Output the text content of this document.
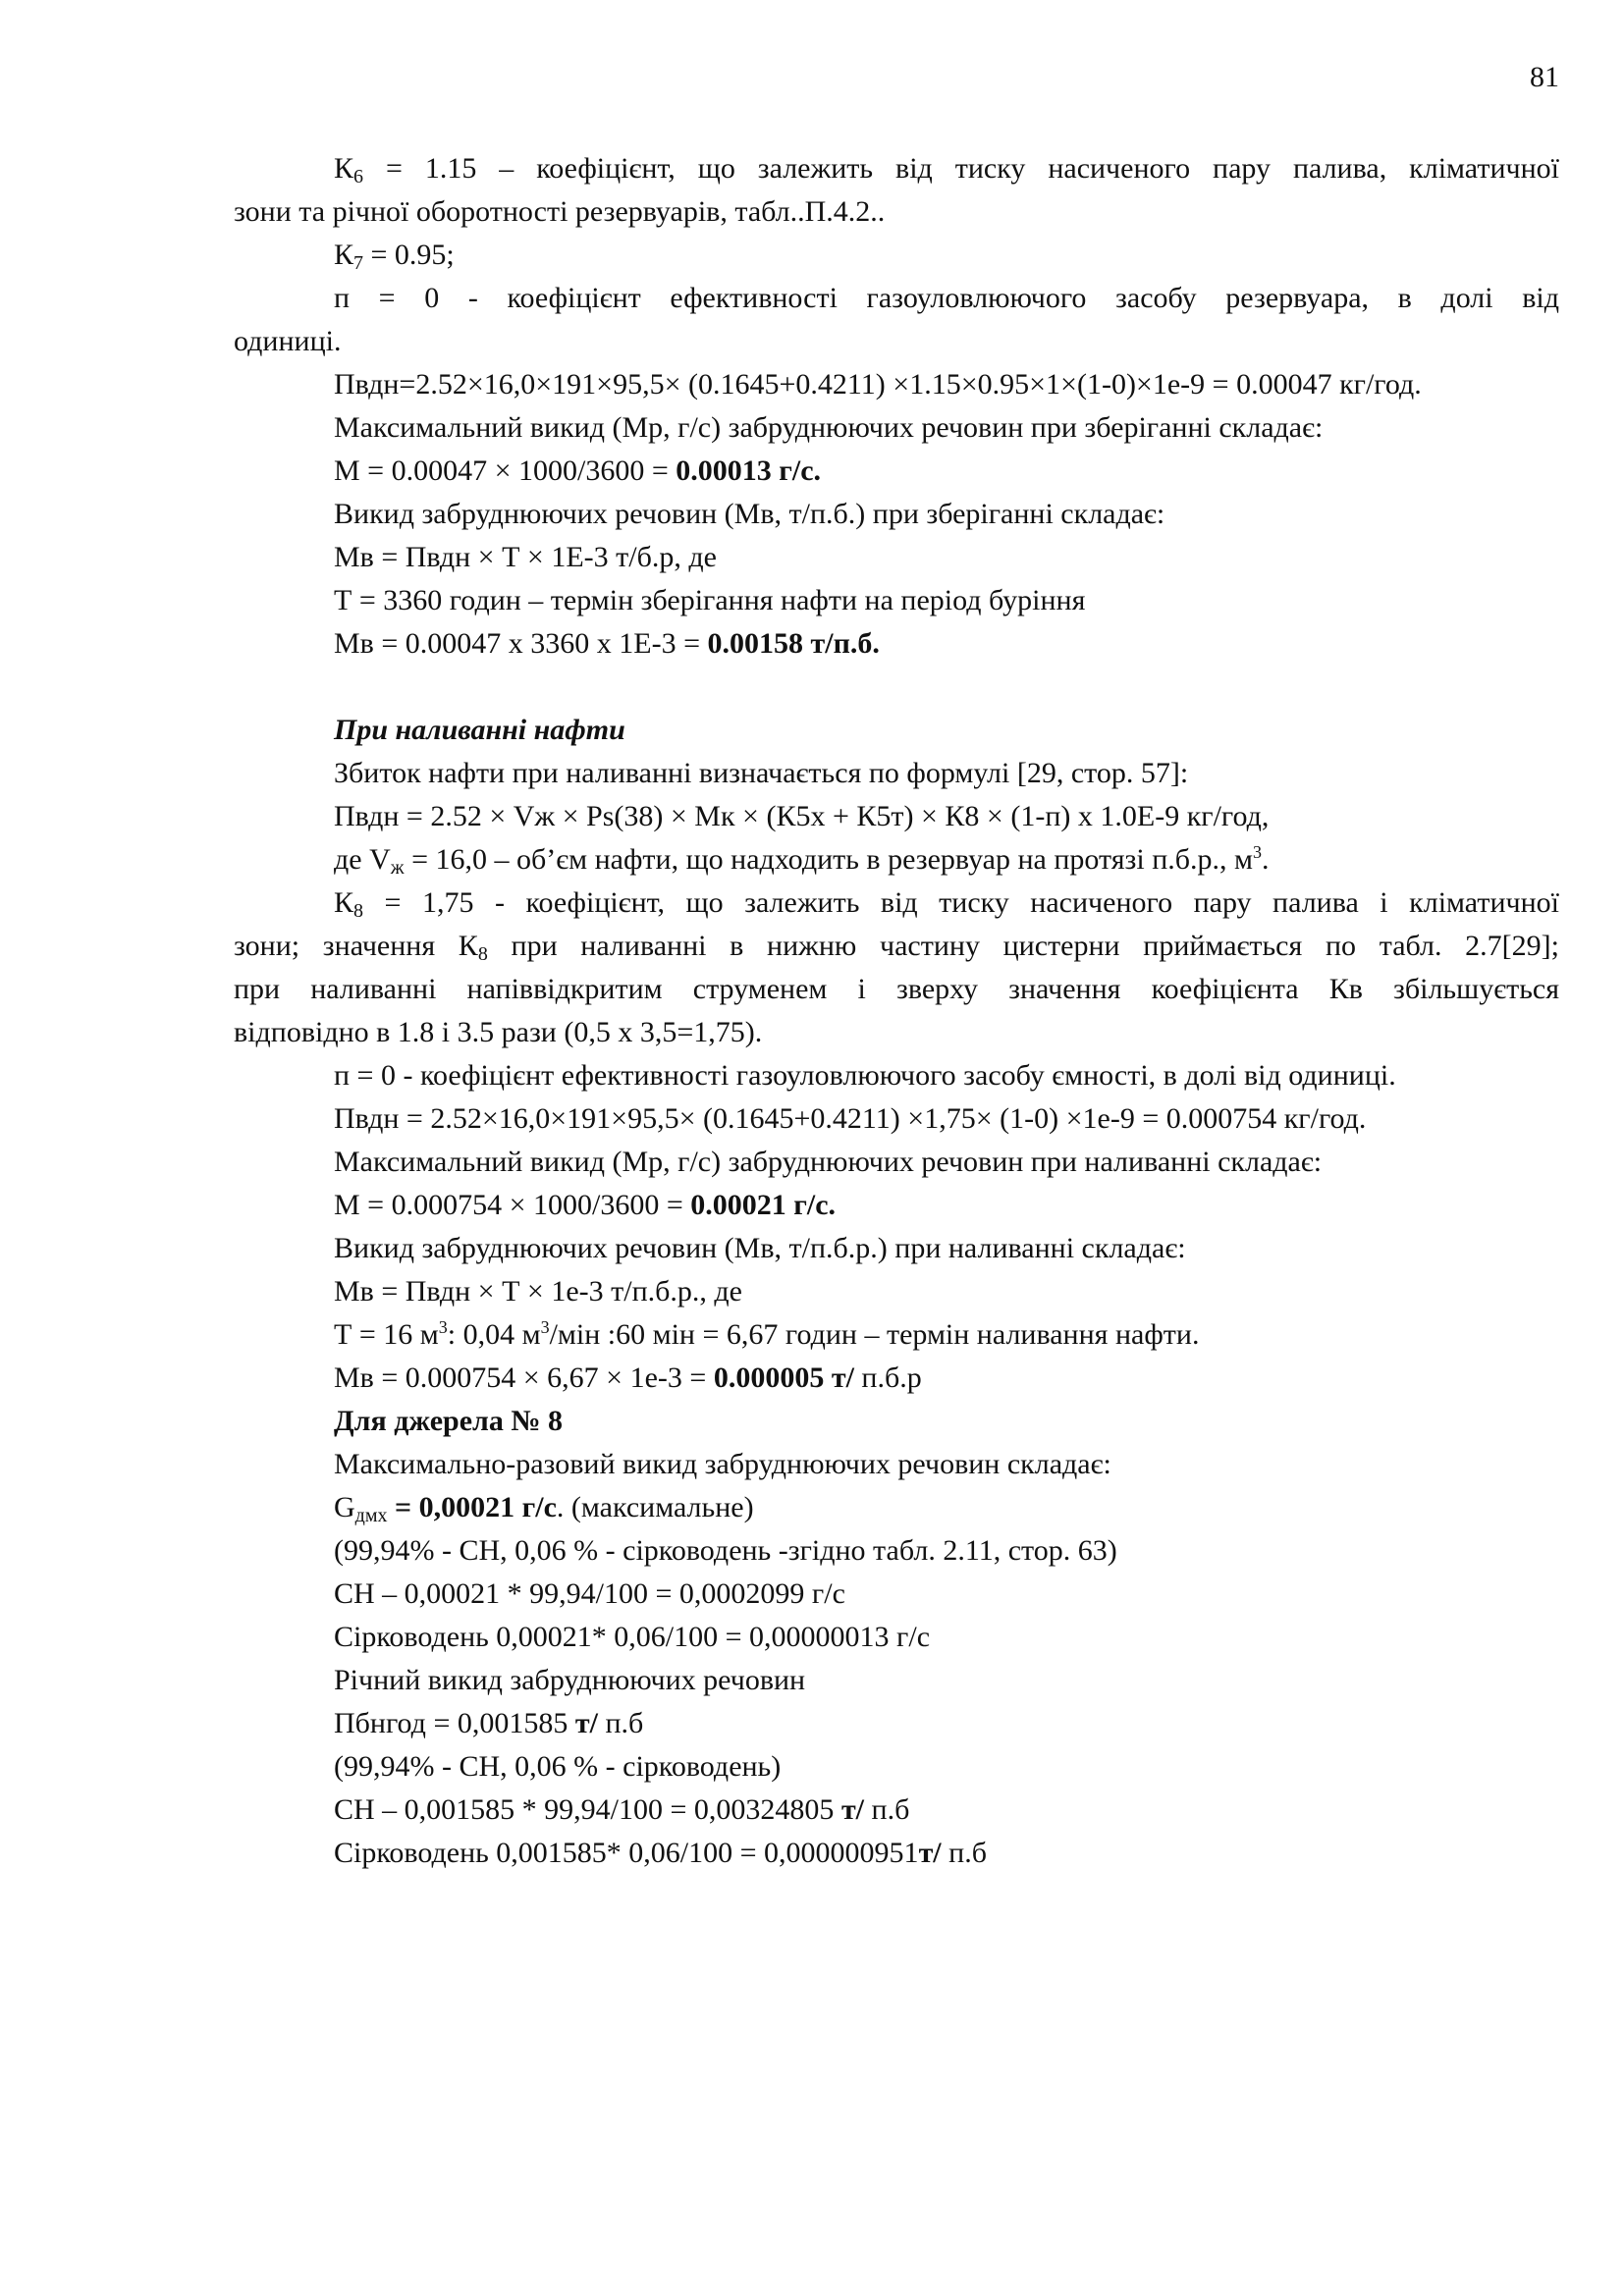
81

$К_6 = 1.15$ – коефіцієнт, що залежить від тиску насиченого пару палива, кліматичної

зони та річної оборотності резервуарів, табл..П.4.2..

$К_7 = 0.95$;

п = 0 - коефіцієнт ефективності газоуловлюючого засобу резервуара, в долі від

одиниці.

Пвдн=2.52×16,0×191×95,5× (0.1645+0.4211) ×1.15×0.95×1×(1-0)×1е-9 = 0.00047 кг/год.

Максимальний викид (Мр, г/с) забруднюючих речовин при зберіганні складає:

М = 0.00047 × 1000/3600 = 0.00013 г/с.

Викид забруднюючих речовин (Мв, т/п.б.) при зберіганні складає:

Мв = Пвдн × Т × 1Е-3 т/б.р, де

Т = 3360 годин – термін зберігання нафти на період буріння

Мв = 0.00047 х 3360 х 1Е-3 = 0.00158 т/п.б.

При наливанні нафти

Збиток нафти при наливанні визначається по формулі [29, стор. 57]:

Пвдн = 2.52 × Vж × Ps(38) × Мк × (К5х + К5т) × К8 × (1-п) х 1.0Е-9 кг/год,

де $V_ж = 16,0$ – об’єм нафти, що надходить в резервуар на протязі п.б.р., $м^3$.

$К_8 = 1,75$ - коефіцієнт, що залежить від тиску насиченого пару палива і кліматичної

зони; значення $К_8$ при наливанні в нижню частину цистерни приймається по табл. 2.7[29];

при наливанні напіввідкритим струменем і зверху значення коефіцієнта Кв збільшується

відповідно в 1.8 і 3.5 рази (0,5 х 3,5=1,75).

п = 0 - коефіцієнт ефективності газоуловлюючого засобу ємності, в долі від одиниці.

Пвдн = 2.52×16,0×191×95,5× (0.1645+0.4211) ×1,75× (1-0) ×1е-9 = 0.000754 кг/год.

Максимальний викид (Мр, г/с) забруднюючих речовин при наливанні складає:

М = 0.000754 × 1000/3600 = 0.00021 г/с.

Викид забруднюючих речовин (Мв, т/п.б.р.) при наливанні складає:

Мв = Пвдн × Т × 1е-3 т/п.б.р., де

Т = 16 $м^3$: 0,04 $м^3$/мін :60 мін = 6,67 годин – термін наливання нафти.

Мв = 0.000754 × 6,67 × 1е-3 = 0.000005 т/ п.б.р

Для джерела № 8

Максимально-разовий викид забруднюючих речовин складає:

$G_{дмх} = 0,00021$ г/с. (максимальне)

(99,94% - СН, 0,06 % - сірководень -згідно табл. 2.11, стор. 63)

СН – 0,00021 * 99,94/100 = 0,0002099 г/с

Сірководень 0,00021* 0,06/100 = 0,00000013 г/с

Річний викид забруднюючих речовин

Пбнгод = 0,001585 т/ п.б

(99,94% - СН, 0,06 % - сірководень)

СН – 0,001585 * 99,94/100 = 0,00324805 т/ п.б

Сірководень 0,001585* 0,06/100 = 0,000000951т/ п.б
